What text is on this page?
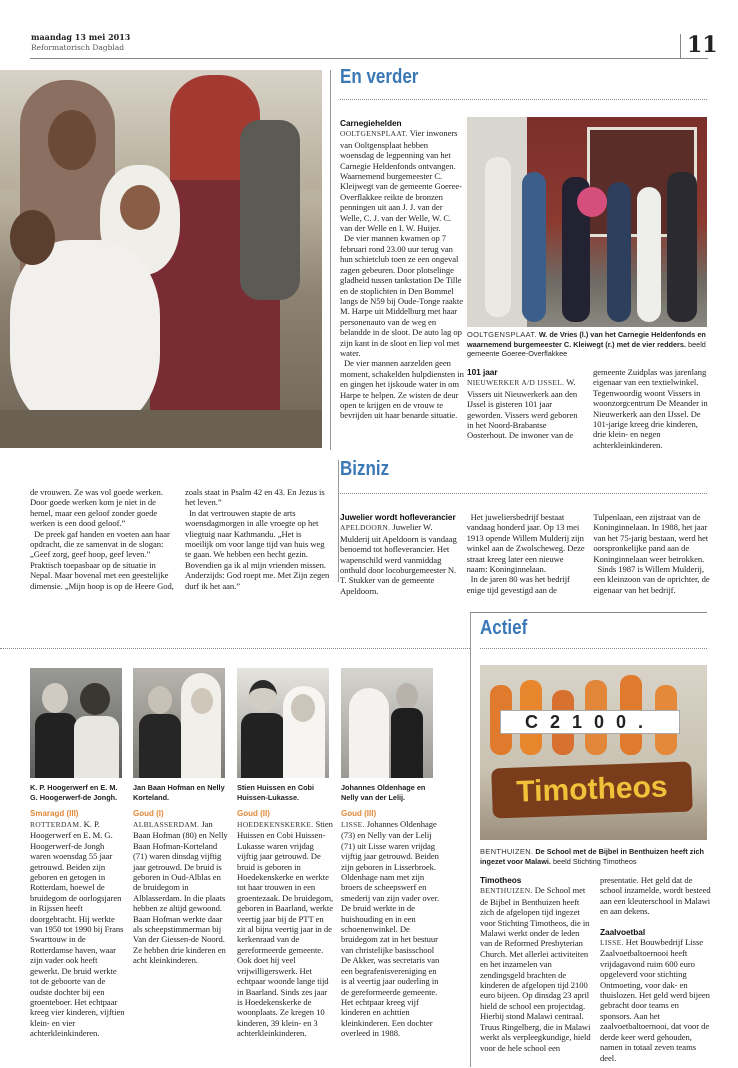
maandag 13 mei 2013
Reformatorisch Dagblad	11
En verder
Carnegiehelden

OOLTGENSPLAAT. Vier inwoners van Ooltgensplaat hebben woensdag de legpenning van het Carnegie Heldenfonds ontvangen. Waarnemend burgemeester C. Kleijwegt van de gemeente Goeree-Overflakkee reikte de bronzen penningen uit aan J. J. van der Welle, C. J. van der Welle, W. C. van der Welle en I. W. Huijer.

De vier mannen kwamen op 7 februari rond 23.00 uur terug van hun schietclub toen ze een ongeval zagen gebeuren. Door plotselinge gladheid tussen tankstation De Tille en de stoplichten in Den Bommel langs de N59 bij Oude-Tonge raakte M. Harpe uit Middelburg met haar personenauto van de weg en belandde in de sloot. De auto lag op zijn kant in de sloot en liep vol met water.

De vier mannen aarzelden geen moment, schakelden hulpdiensten in en gingen het ijskoude water in om Harpe te helpen. Ze wisten de deur open te krijgen en de vrouw te bevrijden uit haar benarde situatie.

OOLTGENSPLAAT. W. de Vries (l.) van het Carnegie Heldenfonds en waarnemend burgemeester C. Kleiwegt (r.) met de vier redders. beeld gemeente Goeree-Overflakkee
101 jaar

NIEUWERKER A/D IJSSEL. W. Vissers uit Nieuwerkerk aan den IJssel is gisteren 101 jaar geworden. Vissers werd geboren in het Noord-Brabantse Oosterhout. De inwoner van de gemeente Zuidplas was jarenlang eigenaar van een textielwinkel. Tegenwoordig woont Vissers in woonzorgcentrum De Meander in Nieuwerkerk aan den IJssel. De 101-jarige kreeg drie kinderen, drie klein- en negen achterkleinkinderen.

de vrouwen. Ze was vol goede werken. Door goede werken kom je niet in de hemel, maar een geloof zonder goede werken is een dood geloof.”

De preek gaf handen en voeten aan haar opdracht, die ze samenvat in de slogan: „Geef zorg, geef hoop, geef leven.” Praktisch toepasbaar op de situatie in Nepal. Maar bovenal met een geestelijke dimensie. „Mijn hoop is op de Heere God, zoals staat in Psalm 42 en 43. En Jezus is het leven.”

In dat vertrouwen stapte de arts woensdagmorgen in alle vroegte op het vliegtuig naar Kathmandu. „Het is moeilijk om voor lange tijd van huis weg te gaan. We hebben een hecht gezin. Bovendien ga ik al mijn vrienden missen. Anderzijds: God roept me. Met Zijn zegen durf ik het aan.”

Bizniz
Juwelier wordt hofleverancier

APELDOORN. Juwelier W. Mulderij uit Apeldoorn is vandaag benoemd tot hofleverancier. Het wapenschild werd vanmiddag onthuld door locoburgemeester N. T. Stukker van de gemeente Apeldoorn.

Het juweliersbedrijf bestaat vandaag honderd jaar. Op 13 mei 1913 opende Willem Mulderij zijn winkel aan de Zwolscheweg. Deze straat kreeg later een nieuwe naam: Koninginnelaan.

In de jaren 80 was het bedrijf enige tijd gevestigd aan de Tulpenlaan, een zijstraat van de Koninginnelaan. In 1988, het jaar van het 75-jarig bestaan, werd het oorspronkelijke pand aan de Koninginnelaan weer betrokken.

Sinds 1987 is Willem Mulderij, een kleinzoon van de oprichter, de eigenaar van het bedrijf.

K. P. Hoogerwerf en E. M. G. Hoogerwerf-de Jongh.
Smaragd (III)

ROTTERDAM. K. P. Hoogerwerf en E. M. G. Hoogerwerf-de Jongh waren woensdag 55 jaar getrouwd. Beiden zijn geboren en getogen in Rotterdam, hoewel de bruidegom de oorlogsjaren in Rijssen heeft doorgebracht. Hij werkte van 1950 tot 1990 bij Frans Swarttouw in de Rotterdamse haven, waar zijn vader ook heeft gewerkt. De bruid werkte tot de geboorte van de oudste dochter bij een groenteboer. Het echtpaar kreeg vier kinderen, vijftien klein- en vier achterkleinkinderen.

Jan Baan Hofman en Nelly Korteland.
Goud (I)

ALBLASSERDAM. Jan Baan Hofman (80) en Nelly Baan Hofman-Korteland (71) waren dinsdag vijftig jaar getrouwd. De bruid is geboren in Oud-Alblas en de bruidegom in Alblasserdam. In die plaats hebben ze altijd gewoond. Baan Hofman werkte daar als scheepstimmerman bij Van der Giessen-de Noord. Ze hebben drie kinderen en acht kleinkinderen.

Stien Huissen en Cobi Huissen-Lukasse.
Goud (II)

HOEDEKENSKERKE. Stien Huissen en Cobi Huissen-Lukasse waren vrijdag vijftig jaar getrouwd. De bruid is geboren in Hoedekenskerke en werkte tot haar trouwen in een groentezaak. De bruidegom, geboren in Baarland, werkte veertig jaar bij de PTT en zit al bijna veertig jaar in de kerkenraad van de gereformeerde gemeente. Ook doet hij veel vrijwilligerswerk. Het echtpaar woonde lange tijd in Baarland. Sinds zes jaar is Hoedekenskerke de woonplaats. Ze kregen 10 kinderen, 39 klein- en 3 achterkleinkinderen.

Johannes Oldenhage en Nelly van der Lelij.
Goud (III)

LISSE. Johannes Oldenhage (73) en Nelly van der Lelij (71) uit Lisse waren vrijdag vijftig jaar getrouwd. Beiden zijn geboren in Lisserbroek. Oldenhage nam met zijn broers de scheepswerf en smederij van zijn vader over. De bruid werkte in de huishouding en in een schoenenwinkel. De bruidegom zat in het bestuur van christelijke basisschool De Akker, was secretaris van een begrafenisvereniging en is al veertig jaar ouderling in de gereformeerde gemeente. Het echtpaar kreeg vijf kinderen en achttien kleinkinderen. Een dochter overleed in 1988.

Actief
C2100.
Timotheos
BENTHUIZEN. De School met de Bijbel in Benthuizen heeft zich ingezet voor Malawi. beeld Stichting Timotheos
Timotheos

BENTHUIZEN. De School met de Bijbel in Benthuizen heeft zich de afgelopen tijd ingezet voor Stichting Timotheos, die in Malawi werkt onder de leden van de Reformed Presbyterian Church. Met allerlei activiteiten en het inzamelen van zendingsgeld brachten de kinderen de afgelopen tijd 2100 euro bijeen. Op dinsdag 23 april hield de school een projectdag. Hierbij stond Malawi centraal. Truus Ringelberg, die in Malawi werkt als verpleegkundige, hield voor de hele school een presentatie. Het geld dat de school inzamelde, wordt besteed aan een kleuterschool in Malawi en aan dekens.

Zaalvoetbal

LISSE. Het Bouwbedrijf Lisse Zaalvoetbaltoernooi heeft vrijdagavond ruim 600 euro opgeleverd voor stichting Ontmoeting, voor dak- en thuislozen. Het geld werd bijeen gebracht door teams en sponsors. Aan het zaalvoetbaltoernooi, dat voor de derde keer werd gehouden, namen in totaal zeven teams deel.
